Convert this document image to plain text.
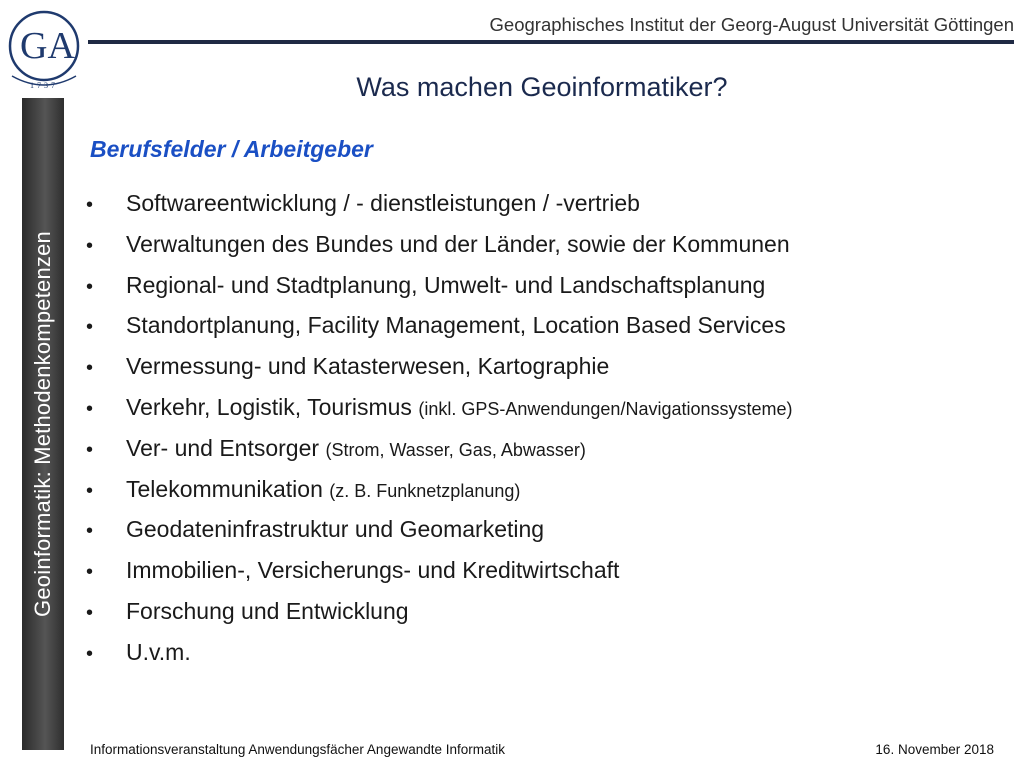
GA
1737
Geographisches Institut der Georg-August Universität Göttingen
Geoinformatik: Methodenkompetenzen
Was machen Geoinformatiker?
Berufsfelder / Arbeitgeber
•	Softwareentwicklung / - dienstleistungen / -vertrieb
•	Verwaltungen des Bundes und der Länder, sowie der Kommunen
•	Regional- und Stadtplanung, Umwelt- und Landschaftsplanung
•	Standortplanung, Facility Management, Location Based Services
•	Vermessung- und Katasterwesen, Kartographie
•	Verkehr, Logistik, Tourismus
(inkl. GPS-Anwendungen/Navigationssysteme)
•	Ver- und Entsorger
(Strom, Wasser, Gas, Abwasser)
•	Telekommunikation
(z. B. Funknetzplanung)
•	Geodateninfrastruktur und Geomarketing
•	Immobilien-, Versicherungs- und Kreditwirtschaft
•	Forschung und Entwicklung
•	U.v.m.
Informationsveranstaltung Anwendungsfächer Angewandte Informatik	16. November 2018
